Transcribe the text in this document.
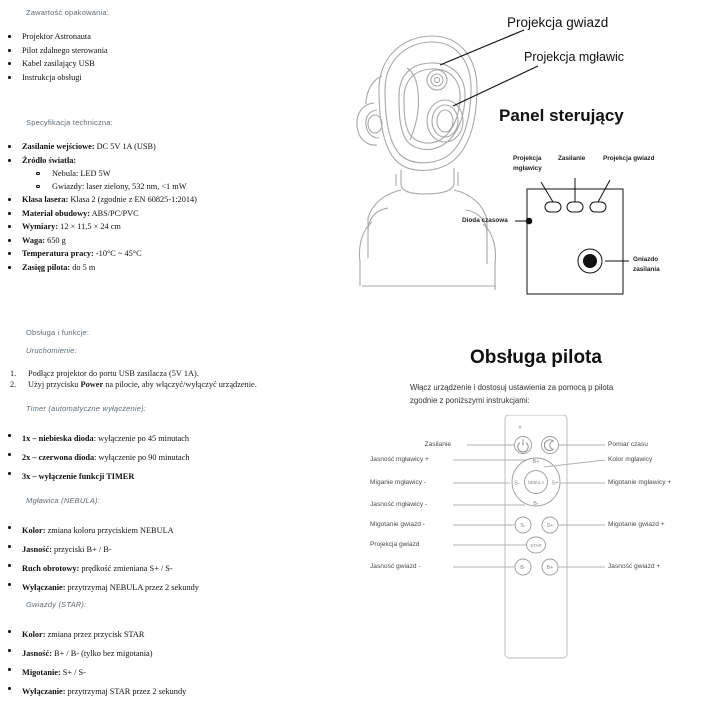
Zawartość opakowania:

Projektor Astronauta
Pilot zdalnego sterowania
Kabel zasilający USB
Instrukcja obsługi

Specyfikacja techniczna:

Zasilanie wejściowe: DC 5V 1A (USB)
Źródło światła:
Nebula: LED 5W
Gwiazdy: laser zielony, 532 nm, <1 mW
Klasa lasera: Klasa 2 (zgodnie z EN 60825-1:2014)
Materiał obudowy: ABS/PC/PVC
Wymiary: 12 × 11,5 × 24 cm
Waga: 650 g
Temperatura pracy: -10°C ~ 45°C
Zasięg pilota: do 5 m

Obsługa i funkcje:

Uruchomienie:

Podłącz projektor do portu USB zasilacza (5V 1A).
Użyj przycisku Power na pilocie, aby włączyć/wyłączyć urządzenie.

Timer (automatyczne wyłączenie):

1x – niebieska dioda: wyłączenie po 45 minutach
2x – czerwona dioda: wyłączenie po 90 minutach
3x – wyłączenie funkcji TIMER

Mgławica (NEBULA):

Kolor: zmiana koloru przyciskiem NEBULA
Jasność: przyciski B+ / B-
Ruch obrotowy: prędkość zmieniana S+ / S-
Wyłączanie: przytrzymaj NEBULA przez 2 sekundy

Gwiazdy (STAR):

Kolor: zmiana przez przycisk STAR
Jasność: B+ / B- (tylko bez migotania)
Migotanie: S+ / S-
Wyłączanie: przytrzymaj STAR przez 2 sekundy
Projekcja gwiazd
Projekcja mgławic
Panel sterujący
Projekcja
mgławicy
Zasilanie	Projekcja gwiazd
Dioda czasowa
Gniazdo
zasilania
Obsługa pilota
Włącz urządzenie i dostosuj ustawienia za pomocą p pilota
zgodnie z poniższymi instrukcjami:
B+
S- NEBULA S+
B-
S-	S+
STAR
B-	B+
Zasilanie
Jasność mgławicy +
Miganie mgławicy -
Jasność mgławicy -
Migotanie gwiazd -
Projekcja gwiazd
Jasność gwiazd -
Pomiar czasu
Kolor mgławicy
Migotanie mgławicy +
Migotanie gwiazd +
Jasność gwiazd +
